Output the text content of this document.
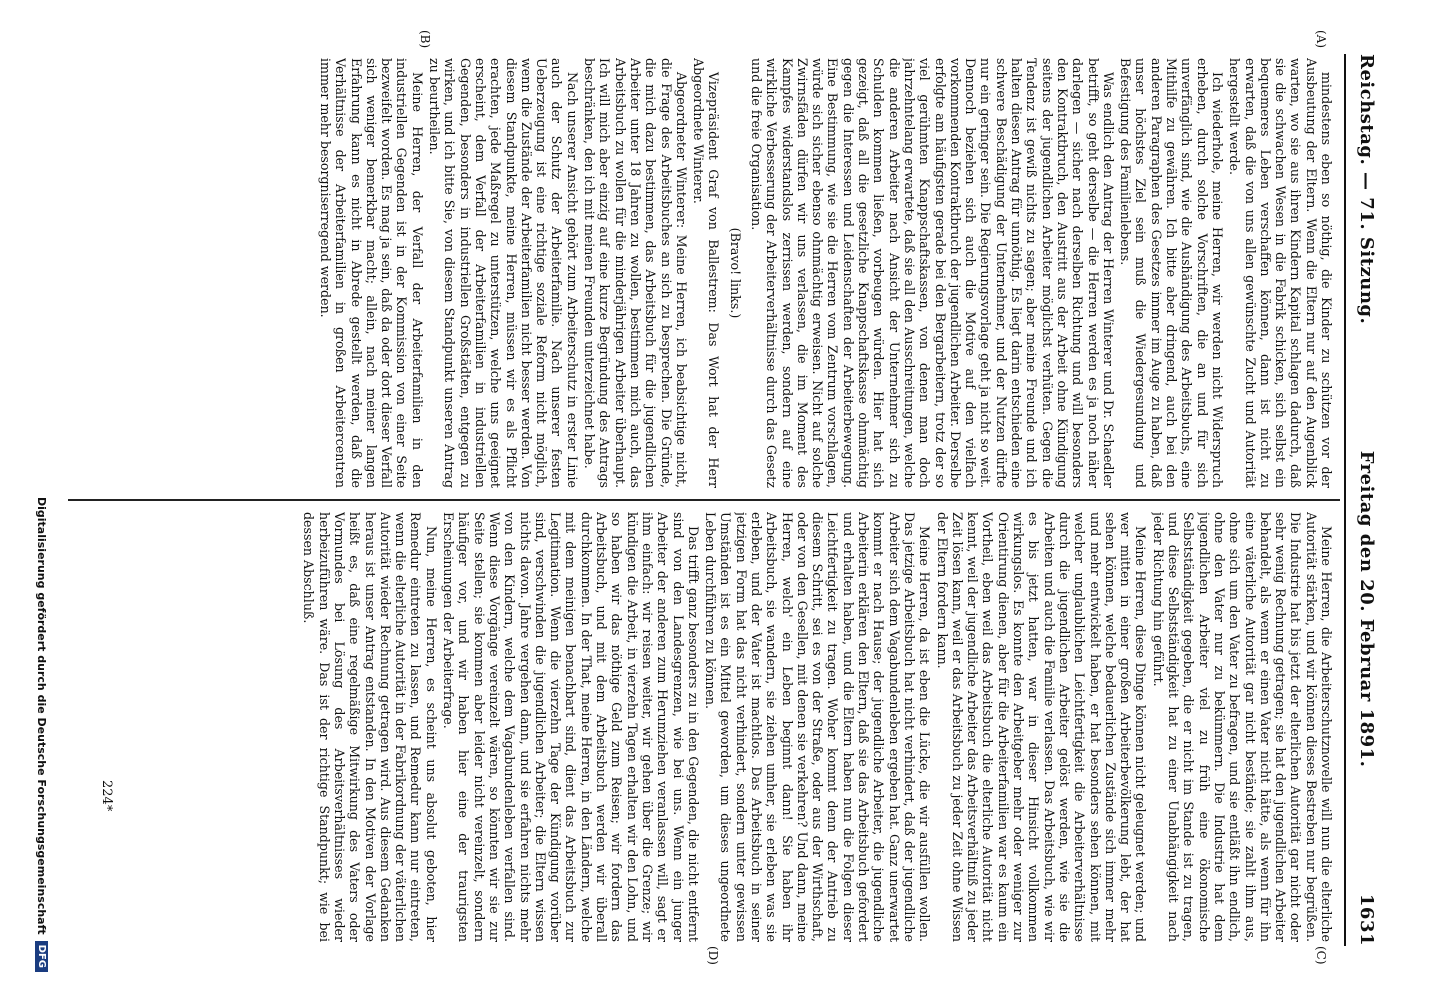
Reichstag. — 71. Sitzung.
Freitag den 20. Februar 1891.
1631
(A)
(B)
(C)
(D)

mindestens eben so nöthig, die Kinder zu schützen vor der Ausbeutung der Eltern. Wenn die Eltern nur auf den Augenblick warten, wo sie aus ihren Kindern Kapital schlagen dadurch, daß sie die schwachen Wesen in die Fabrik schicken, sich selbst ein bequemeres Leben verschaffen können, dann ist nicht zu erwarten, daß die von uns allen gewünschte Zucht und Autorität hergestellt werde.

Ich wiederhole, meine Herren, wir werden nicht Widerspruch erheben, durch solche Vorschriften, die an und für sich unverfänglich sind, wie die Aushändigung des Arbeitsbuchs, eine Mithilfe zu gewähren. Ich bitte aber dringend, auch bei den anderen Paragraphen des Gesetzes immer im Auge zu haben, daß unser höchstes Ziel sein muß die Wiedergesundung und Befestigung des Familienlebens.

Was endlich den Antrag der Herren Winterer und Dr. Schaedler betrifft, so geht derselbe — die Herren werden es ja noch näher darlegen — sicher nach derselben Richtung und will besonders den Kontraktbruch, den Austritt aus der Arbeit ohne Kündigung seitens der jugendlichen Arbeiter möglichst verhüten. Gegen die Tendenz ist gewiß nichts zu sagen; aber meine Freunde und ich halten diesen Antrag für unnöthig. Es liegt darin entschieden eine schwere Beschädigung der Unternehmer, und der Nutzen dürfte nur ein geringer sein. Die Regierungsvorlage geht ja nicht so weit. Dennoch beziehen sich auch die Motive auf den vielfach vorkommenden Kontraktbruch der jugendlichen Arbeiter. Derselbe erfolgte am häufigsten gerade bei den Bergarbeitern, trotz der so viel gerühmten Knappschaftskassen, von denen man doch jahrzehntelang erwartete, daß sie all den Ausschreitungen, welche die anderen Arbeiter nach Ansicht der Unternehmer sich zu Schulden kommen ließen, vorbeugen würden. Hier hat sich gezeigt, daß all die gesetzliche Knappschaftskasse ohnmächtig gegen die Interessen und Leidenschaften der Arbeiterbewegung. Eine Bestimmung, wie sie die Herren vom Zentrum vorschlagen, würde sich sicher ebenso ohnmächtig erweisen. Nicht auf solche Zwirnsfäden dürfen wir uns verlassen, die im Moment des Kampfes widerstandslos zerrissen werden, sondern auf eine wirkliche Verbesserung der Arbeiterverhältnisse durch das Gesetz und die freie Organisation.

(Bravo! links.)

Vizepräsident Graf von Ballestrem: Das Wort hat der Herr Abgeordnete Winterer.

Abgeordneter Winterer: Meine Herren, ich beabsichtige nicht, die Frage des Arbeitsbuches an sich zu besprechen. Die Gründe, die mich dazu bestimmen, das Arbeitsbuch für die jugendlichen Arbeiter unter 18 Jahren zu wollen, bestimmen mich auch, das Arbeitsbuch zu wollen für die minderjährigen Arbeiter überhaupt. Ich will mich aber einzig auf eine kurze Begründung des Antrags beschränken, den ich mit meinen Freunden unterzeichnet habe.

Nach unserer Ansicht gehört zum Arbeiterschutz in erster Linie auch der Schutz der Arbeiterfamilie. Nach unserer festen Ueberzeugung ist eine richtige soziale Reform nicht möglich, wenn die Zustände der Arbeiterfamilien nicht besser werden. Von diesem Standpunkte, meine Herren, müssen wir es als Pflicht erachten, jede Maßregel zu unterstützen, welche uns geeignet erscheint, dem Verfall der Arbeiterfamilien in industriellen Gegenden, besonders in industriellen Großstädten, entgegen zu wirken, und ich bitte Sie, von diesem Standpunkt unseren Antrag zu beurtheilen.

Meine Herren, der Verfall der Arbeiterfamilien in den industriellen Gegenden ist in der Kommission von einer Seite bezweifelt worden. Es mag ja sein, daß da oder dort dieser Verfall sich weniger bemerkbar macht; allein, nach meiner langen Erfahrung kann es nicht in Abrede gestellt werden, daß die Verhältnisse der Arbeiterfamilien in großen Arbeitercentren immer mehr besorgniserregend werden.

Meine Herren, die Arbeiterschutznovelle will nun die elterliche Autorität stärken, und wir können dieses Bestreben nur begrüßen. Die Industrie hat bis jetzt der elterlichen Autorität gar nicht oder sehr wenig Rechnung getragen; sie hat den jugendlichen Arbeiter behandelt, als wenn er einen Vater nicht hätte, als wenn für ihn eine väterliche Autorität gar nicht bestände; sie zahlt ihm aus, ohne sich um den Vater zu befragen, und sie entläßt ihn endlich, ohne den Vater nur zu bekümmern. Die Industrie hat dem jugendlichen Arbeiter viel zu früh eine ökonomische Selbstständigkeit gegeben, die er nicht im Stande ist zu tragen, und diese Selbstständigkeit hat zu einer Unabhängigkeit nach jeder Richtung hin geführt.

Meine Herren, diese Dinge können nicht geleugnet werden; und wer mitten in einer großen Arbeiterbevölkerung lebt, der hat sehen können, welche bedauerlichen Zustände sich immer mehr und mehr entwickelt haben, er hat besonders sehen können, mit welcher unglaublichen Leichtfertigkeit die Arbeiterverhältnisse durch die jugendlichen Arbeiter gelöst werden, wie sie die Arbeiten und auch die Familie verlassen. Das Arbeitsbuch, wie wir es bis jetzt hatten, war in dieser Hinsicht vollkommen wirkungslos. Es konnte den Arbeitgeber mehr oder weniger zur Orientirung dienen, aber für die Arbeiterfamilien war es kaum ein Vortheil, eben weil das Arbeitsbuch die elterliche Autorität nicht kennt, weil der jugendliche Arbeiter das Arbeitsverhältniß zu jeder Zeit lösen kann, weil er das Arbeitsbuch zu jeder Zeit ohne Wissen der Eltern fordern kann.

Meine Herren, da ist eben die Lücke, die wir ausfüllen wollen. Das jetzige Arbeitsbuch hat nicht verhindert, daß der jugendliche Arbeiter sich dem Vagabundenleben ergeben hat. Ganz unerwartet kommt er nach Hause; der jugendliche Arbeiter, die jugendliche Arbeiterin erklären den Eltern, daß sie das Arbeitsbuch gefordert und erhalten haben, und die Eltern haben nun die Folgen dieser Leichtfertigkeit zu tragen. Woher kommt denn der Antrieb zu diesem Schritt, sei es von der Straße, oder aus der Wirthschaft, oder von den Gesellen, mit denen sie verkehren? Und dann, meine Herren, welch' ein Leben beginnt dann! Sie haben ihr Arbeitsbuch, sie wandern, sie ziehen umher, sie erleben was sie erleben, und der Vater ist machtlos. Das Arbeitsbuch in seiner jetzigen Form hat das nicht verhindert, sondern unter gewissen Umständen ist es ein Mittel geworden, um dieses ungeordnete Leben durchführen zu können.

Das trifft ganz besonders zu in den Gegenden, die nicht entfernt sind von den Landesgrenzen, wie bei uns. Wenn ein junger Arbeiter der anderen zum Herumziehen veranlassen will, sagt er ihm einfach: wir reisen weiter, wir gehen über die Grenze; wir kündigen die Arbeit, in vierzehn Tagen erhalten wir den Lohn, und so haben wir das nöthige Geld zum Reisen; wir fordern das Arbeitsbuch, und mit dem Arbeitsbuch werden wir überall durchkommen. In der That, meine Herren, in den Ländern, welche mit dem meinigen benachbart sind, dient das Arbeitsbuch zur Legitimation. Wenn die vierzehn Tage der Kündigung vorüber sind, verschwinden die jugendlichen Arbeiter; die Eltern wissen nichts davon. Jahre vergehen dann, und sie erfahren nichts mehr von den Kindern, welche dem Vagabundenleben verfallen sind. Wenn diese Vorgänge vereinzelt wären, so könnten wir sie zur Seite stellen; sie kommen aber leider nicht vereinzelt, sondern häufiger vor, und wir haben hier eine der traurigsten Erscheinungen der Arbeiterfrage.

Nun, meine Herren, es scheint uns absolut geboten, hier Remedur eintreten zu lassen, und Remedur kann nur eintreten, wenn die elterliche Autorität in der Fabrikordnung der väterlichen Autorität wieder Rechnung getragen wird. Aus diesem Gedanken heraus ist unser Antrag entstanden. In den Motiven der Vorlage heißt es, daß eine regelmäßige Mitwirkung des Vaters oder Vormundes bei Lösung des Arbeitsverhältnisses wieder herbeizuführen wäre. Das ist der richtige Standpunkt; wie bei dessen Abschluß.

224*
Digitalisierung gefördert durch die Deutsche Forschungsgemeinschaft
DFG
